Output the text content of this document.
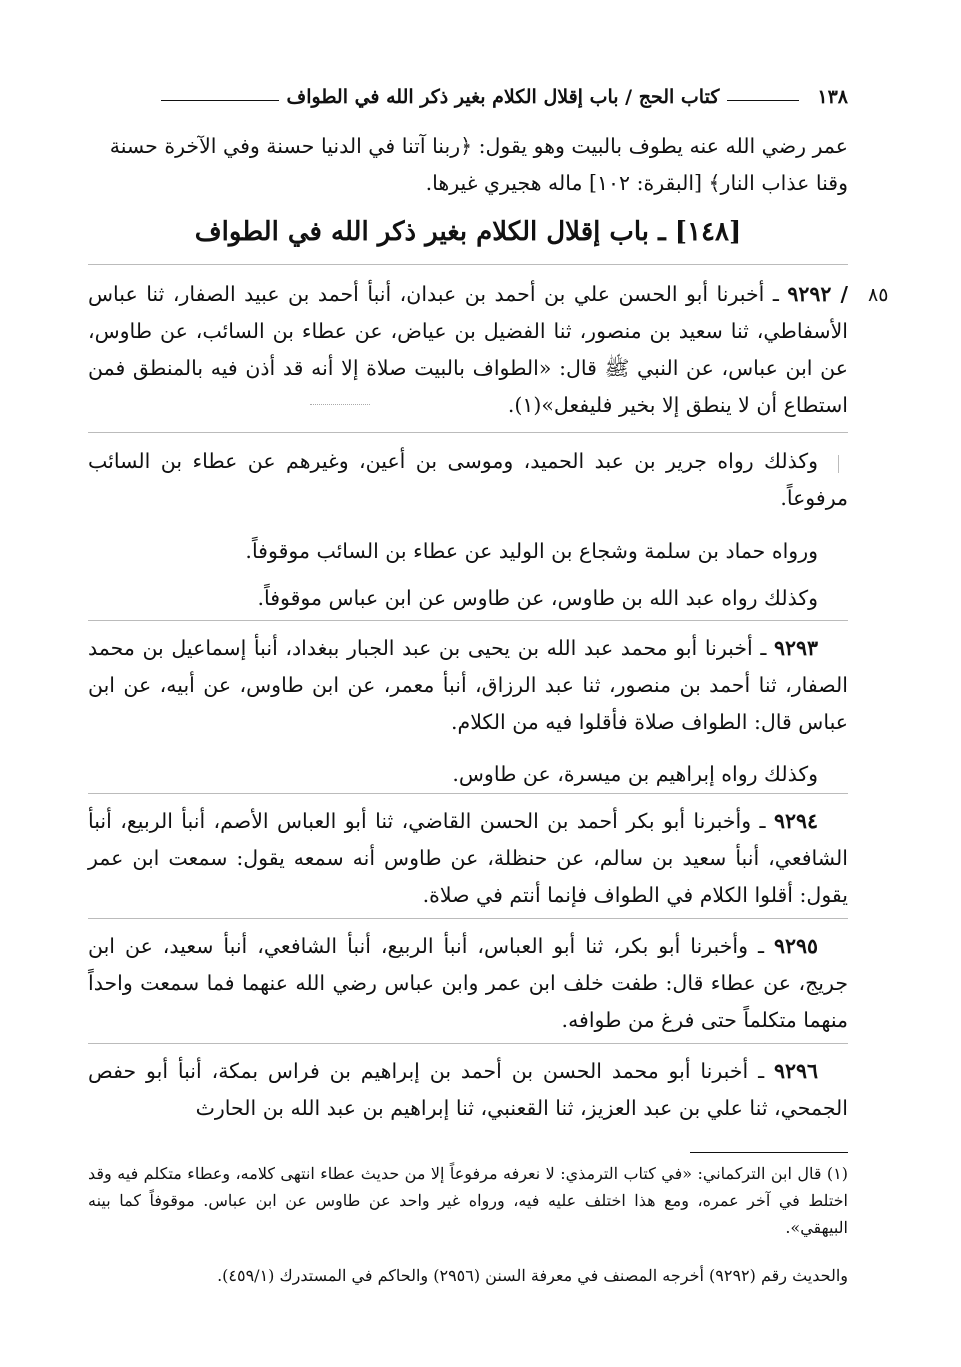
١٣٨
كتاب الحج / باب إقلال الكلام بغير ذكر الله في الطواف
عمر رضي الله عنه يطوف بالبيت وهو يقول: ﴿ربنا آتنا في الدنيا حسنة وفي الآخرة حسنة
وقنا عذاب النار﴾ [البقرة: ١٠٢] ماله هجيري غيرها.
[١٤٨] ـ باب إقلال الكلام بغير ذكر الله في الطواف
٨٥
/ ٩٢٩٢ ـ أخبرنا أبو الحسن علي بن أحمد بن عبدان، أنبأ أحمد بن عبيد الصفار، ثنا عباس الأسفاطي، ثنا سعيد بن منصور، ثنا الفضيل بن عياض، عن عطاء بن السائب، عن طاوس، عن ابن عباس، عن النبي ﷺ قال: «الطواف بالبيت صلاة إلا أنه قد أذن فيه بالمنطق فمن استطاع أن لا ينطق إلا بخير فليفعل»(١).
وكذلك رواه جرير بن عبد الحميد، وموسى بن أعين، وغيرهم عن عطاء بن السائب مرفوعاً.
ورواه حماد بن سلمة وشجاع بن الوليد عن عطاء بن السائب موقوفاً.
وكذلك رواه عبد الله بن طاوس، عن طاوس عن ابن عباس موقوفاً.
٩٢٩٣ ـ أخبرنا أبو محمد عبد الله بن يحيى بن عبد الجبار ببغداد، أنبأ إسماعيل بن محمد الصفار، ثنا أحمد بن منصور، ثنا عبد الرزاق، أنبأ معمر، عن ابن طاوس، عن أبيه، عن ابن عباس قال: الطواف صلاة فأقلوا فيه من الكلام.
وكذلك رواه إبراهيم بن ميسرة، عن طاوس.
٩٢٩٤ ـ وأخبرنا أبو بكر أحمد بن الحسن القاضي، ثنا أبو العباس الأصم، أنبأ الربيع، أنبأ الشافعي، أنبأ سعيد بن سالم، عن حنظلة، عن طاوس أنه سمعه يقول: سمعت ابن عمر يقول: أقلوا الكلام في الطواف فإنما أنتم في صلاة.
٩٢٩٥ ـ وأخبرنا أبو بكر، ثنا أبو العباس، أنبأ الربيع، أنبأ الشافعي، أنبأ سعيد، عن ابن جريج، عن عطاء قال: طفت خلف ابن عمر وابن عباس رضي الله عنهما فما سمعت واحداً منهما متكلماً حتى فرغ من طوافه.
٩٢٩٦ ـ أخبرنا أبو محمد الحسن بن أحمد بن إبراهيم بن فراس بمكة، أنبأ أبو حفص الجمحي، ثنا علي بن عبد العزيز، ثنا القعنبي، ثنا إبراهيم بن عبد الله بن الحارث
(١) قال ابن التركماني: «في كتاب الترمذي: لا نعرفه مرفوعاً إلا من حديث عطاء انتهى كلامه، وعطاء متكلم فيه وقد اختلط في آخر عمره، ومع هذا اختلف عليه فيه، ورواه غير واحد عن طاوس عن ابن عباس. موقوفاً كما بينه البيهقي».
والحديث رقم (٩٢٩٢) أخرجه المصنف في معرفة السنن (٢٩٥٦) والحاكم في المستدرك (٤٥٩/١).
